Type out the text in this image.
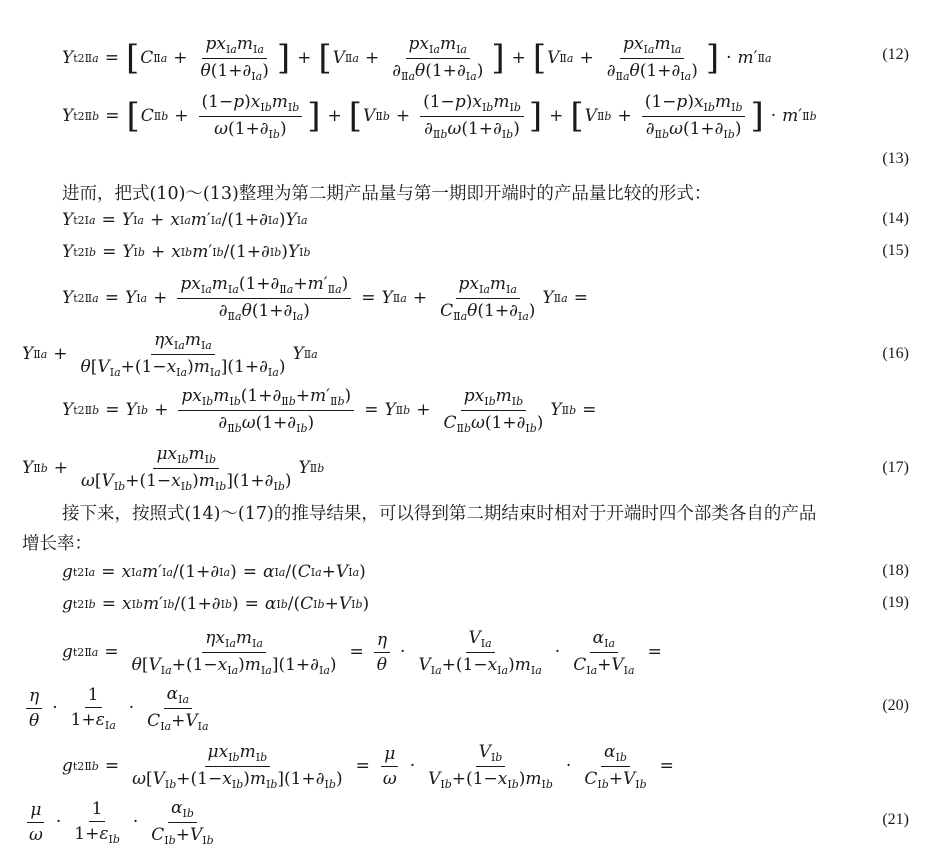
Y t2 Ⅱa = [ C Ⅱa + $\frac{px_{Ⅰa}m_{Ⅰa}}{\theta(1+\partial_{Ⅰa})}$ ] + [ V Ⅱa + $\frac{px_{Ⅰa}m_{Ⅰa}}{\partial_{Ⅱa}\theta(1+\partial_{Ⅰa})}$ ] + [ V Ⅱa + $\frac{px_{Ⅰa}m_{Ⅰa}}{\partial_{Ⅱa}\theta(1+\partial_{Ⅰa})}$ ] · m ′ Ⅱa	(12)
Y t2 Ⅱb = [ C Ⅱb + $\frac{(1-p)x_{Ⅰb}m_{Ⅰb}}{\omega(1+\partial_{Ⅰb})}$ ] + [ V Ⅱb + $\frac{(1-p)x_{Ⅰb}m_{Ⅰb}}{\partial_{Ⅱb}\omega(1+\partial_{Ⅰb})}$ ] + [ V Ⅱb + $\frac{(1-p)x_{Ⅰb}m_{Ⅰb}}{\partial_{Ⅱb}\omega(1+\partial_{Ⅰb})}$ ] · m ′ Ⅱb
(13)
进而，把式(10)～(13)整理为第二期产品量与第一期即开端时的产品量比较的形式：
Y t2 Ⅰa = Y Ⅰa + x Ⅰa m ′ Ⅰa /(1+∂ Ⅰa ) Y Ⅰa	(14)
Y t2 Ⅰb = Y Ⅰb + x Ⅰb m ′ Ⅰb /(1+∂ Ⅰb ) Y Ⅰb	(15)
Y t2 Ⅱa = Y Ⅰa + $\frac{px_{Ⅰa}m_{Ⅰa}(1+\partial_{Ⅱa}+m'_{Ⅱa})}{\partial_{Ⅱa}\theta(1+\partial_{Ⅰa})} = Y$ Ⅱa + $\frac{px_{Ⅰa}m_{Ⅰa}}{C_{Ⅱa}\theta(1+\partial_{Ⅰa})}$ Y Ⅱa =
Y Ⅱa + $\frac{\eta x_{Ⅰa}m_{Ⅰa}}{\theta[V_{Ⅰa}+(1-x_{Ⅰa})m_{Ⅰa}](1+\partial_{Ⅰa})}$ Y Ⅱa	(16)
Y t2 Ⅱb = Y Ⅰb + $\frac{px_{Ⅰb}m_{Ⅰb}(1+\partial_{Ⅱb}+m'_{Ⅱb})}{\partial_{Ⅱb}\omega(1+\partial_{Ⅰb})} = Y$ Ⅱb + $\frac{px_{Ⅰb}m_{Ⅰb}}{C_{Ⅱb}\omega(1+\partial_{Ⅰb})}$ Y Ⅱb =
Y Ⅱb + $\frac{\mu x_{Ⅰb}m_{Ⅰb}}{\omega[V_{Ⅰb}+(1-x_{Ⅰb})m_{Ⅰb}](1+\partial_{Ⅰb})}$ Y Ⅱb	(17)
接下来，按照式(14)～(17)的推导结果，可以得到第二期结束时相对于开端时四个部类各自的产品
增长率：
g t2 Ⅰa = x Ⅰa m ′ Ⅰa /(1+∂ Ⅰa ) = α Ⅰa /( C Ⅰa + V Ⅰa )	(18)
g t2 Ⅰb = x Ⅰb m ′ Ⅰb /(1+∂ Ⅰb ) = α Ⅰb /( C Ⅰb + V Ⅰb )	(19)
g t2 Ⅱa = $\frac{\eta x_{Ⅰa}m_{Ⅰa}}{\theta[V_{Ⅰa}+(1-x_{Ⅰa})m_{Ⅰa}](1+\partial_{Ⅰa})} = \frac{\eta}{\theta} \cdot \frac{V_{Ⅰa}}{V_{Ⅰa}+(1-x_{Ⅰa})m_{Ⅰa}} \cdot \frac{\alpha_{Ⅰa}}{C_{Ⅰa}+V_{Ⅰa}}$ =
$\frac{\eta}{\theta} \cdot \frac{1}{1+\varepsilon_{Ⅰa}} \cdot \frac{\alpha_{Ⅰa}}{C_{Ⅰa}+V_{Ⅰa}}$	(20)
g t2 Ⅱb = $\frac{\mu x_{Ⅰb}m_{Ⅰb}}{\omega[V_{Ⅰb}+(1-x_{Ⅰb})m_{Ⅰb}](1+\partial_{Ⅰb})} = \frac{\mu}{\omega} \cdot \frac{V_{Ⅰb}}{V_{Ⅰb}+(1-x_{Ⅰb})m_{Ⅰb}} \cdot \frac{\alpha_{Ⅰb}}{C_{Ⅰb}+V_{Ⅰb}}$ =
$\frac{\mu}{\omega} \cdot \frac{1}{1+\varepsilon_{Ⅰb}} \cdot \frac{\alpha_{Ⅰb}}{C_{Ⅰb}+V_{Ⅰb}}$	(21)
